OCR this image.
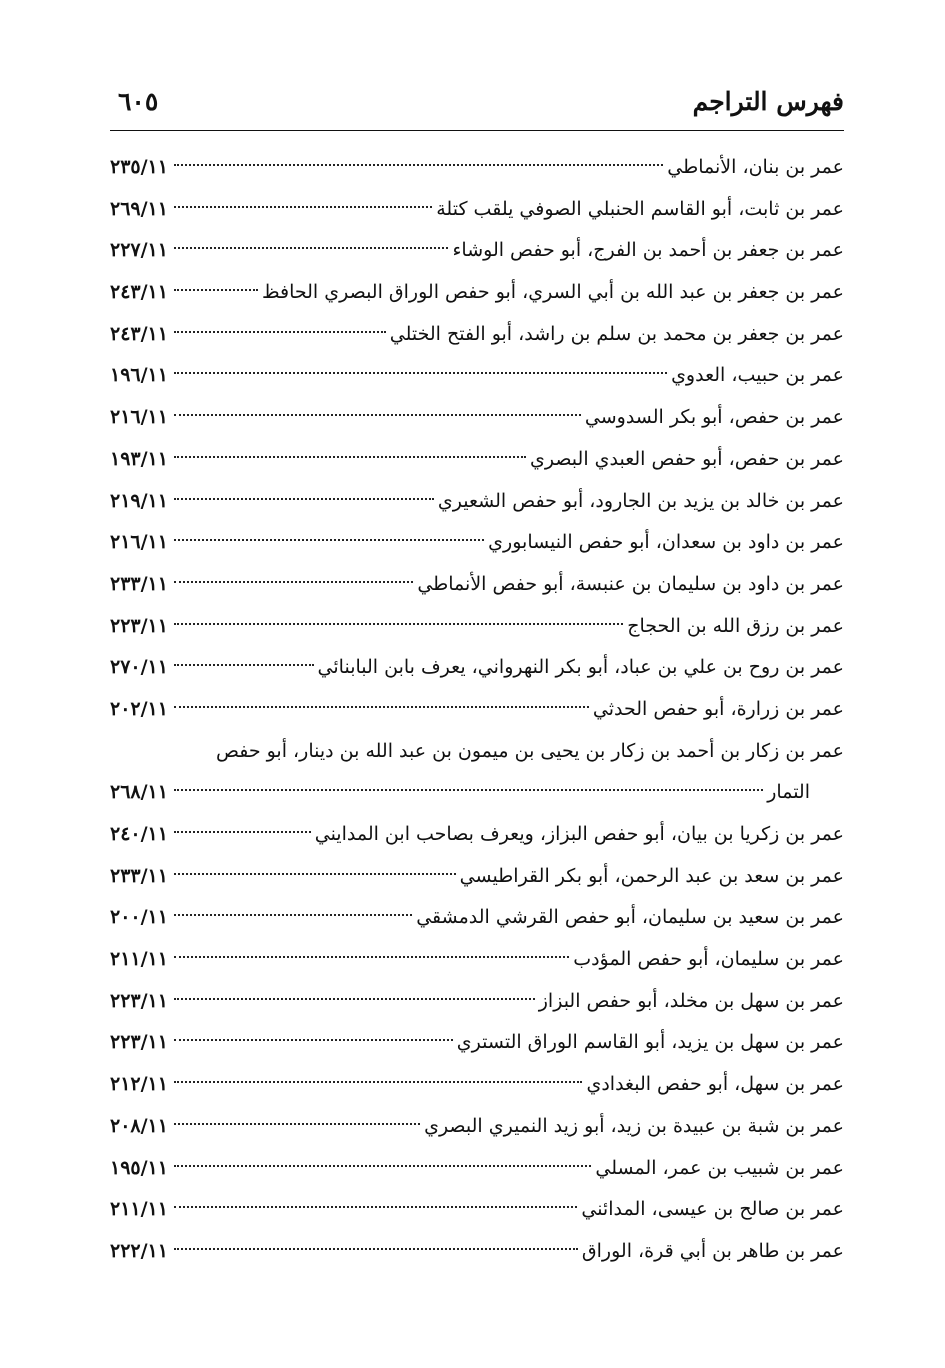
فهرس التراجم
٦٠٥
عمر بن بنان، الأنماطي
٢٣٥/١١
عمر بن ثابت، أبو القاسم الحنبلي الصوفي يلقب كتلة
٢٦٩/١١
عمر بن جعفر بن أحمد بن الفرج، أبو حفص الوشاء
٢٢٧/١١
عمر بن جعفر بن عبد الله بن أبي السري، أبو حفص الوراق البصري الحافظ
٢٤٣/١١
عمر بن جعفر بن محمد بن سلم بن راشد، أبو الفتح الختلي
٢٤٣/١١
عمر بن حبيب، العدوي
١٩٦/١١
عمر بن حفص، أبو بكر السدوسي
٢١٦/١١
عمر بن حفص، أبو حفص العبدي البصري
١٩٣/١١
عمر بن خالد بن يزيد بن الجارود، أبو حفص الشعيري
٢١٩/١١
عمر بن داود بن سعدان، أبو حفص النيسابوري
٢١٦/١١
عمر بن داود بن سليمان بن عنبسة، أبو حفص الأنماطي
٢٣٣/١١
عمر بن رزق الله بن الحجاج
٢٢٣/١١
عمر بن روح بن علي بن عباد، أبو بكر النهرواني، يعرف بابن البابنائي
٢٧٠/١١
عمر بن زرارة، أبو حفص الحدثي
٢٠٢/١١
عمر بن زكار بن أحمد بن زكار بن يحيى بن ميمون بن عبد الله بن دينار، أبو حفص
التمار
٢٦٨/١١
عمر بن زكريا بن بيان، أبو حفص البزاز، ويعرف بصاحب ابن المدايني
٢٤٠/١١
عمر بن سعد بن عبد الرحمن، أبو بكر القراطيسي
٢٣٣/١١
عمر بن سعيد بن سليمان، أبو حفص القرشي الدمشقي
٢٠٠/١١
عمر بن سليمان، أبو حفص المؤدب
٢١١/١١
عمر بن سهل بن مخلد، أبو حفص البزاز
٢٢٣/١١
عمر بن سهل بن يزيد، أبو القاسم الوراق التستري
٢٢٣/١١
عمر بن سهل، أبو حفص البغدادي
٢١٢/١١
عمر بن شبة بن عبيدة بن زيد، أبو زيد النميري البصري
٢٠٨/١١
عمر بن شبيب بن عمر، المسلي
١٩٥/١١
عمر بن صالح بن عيسى، المدائني
٢١١/١١
عمر بن طاهر بن أبي قرة، الوراق
٢٢٢/١١
